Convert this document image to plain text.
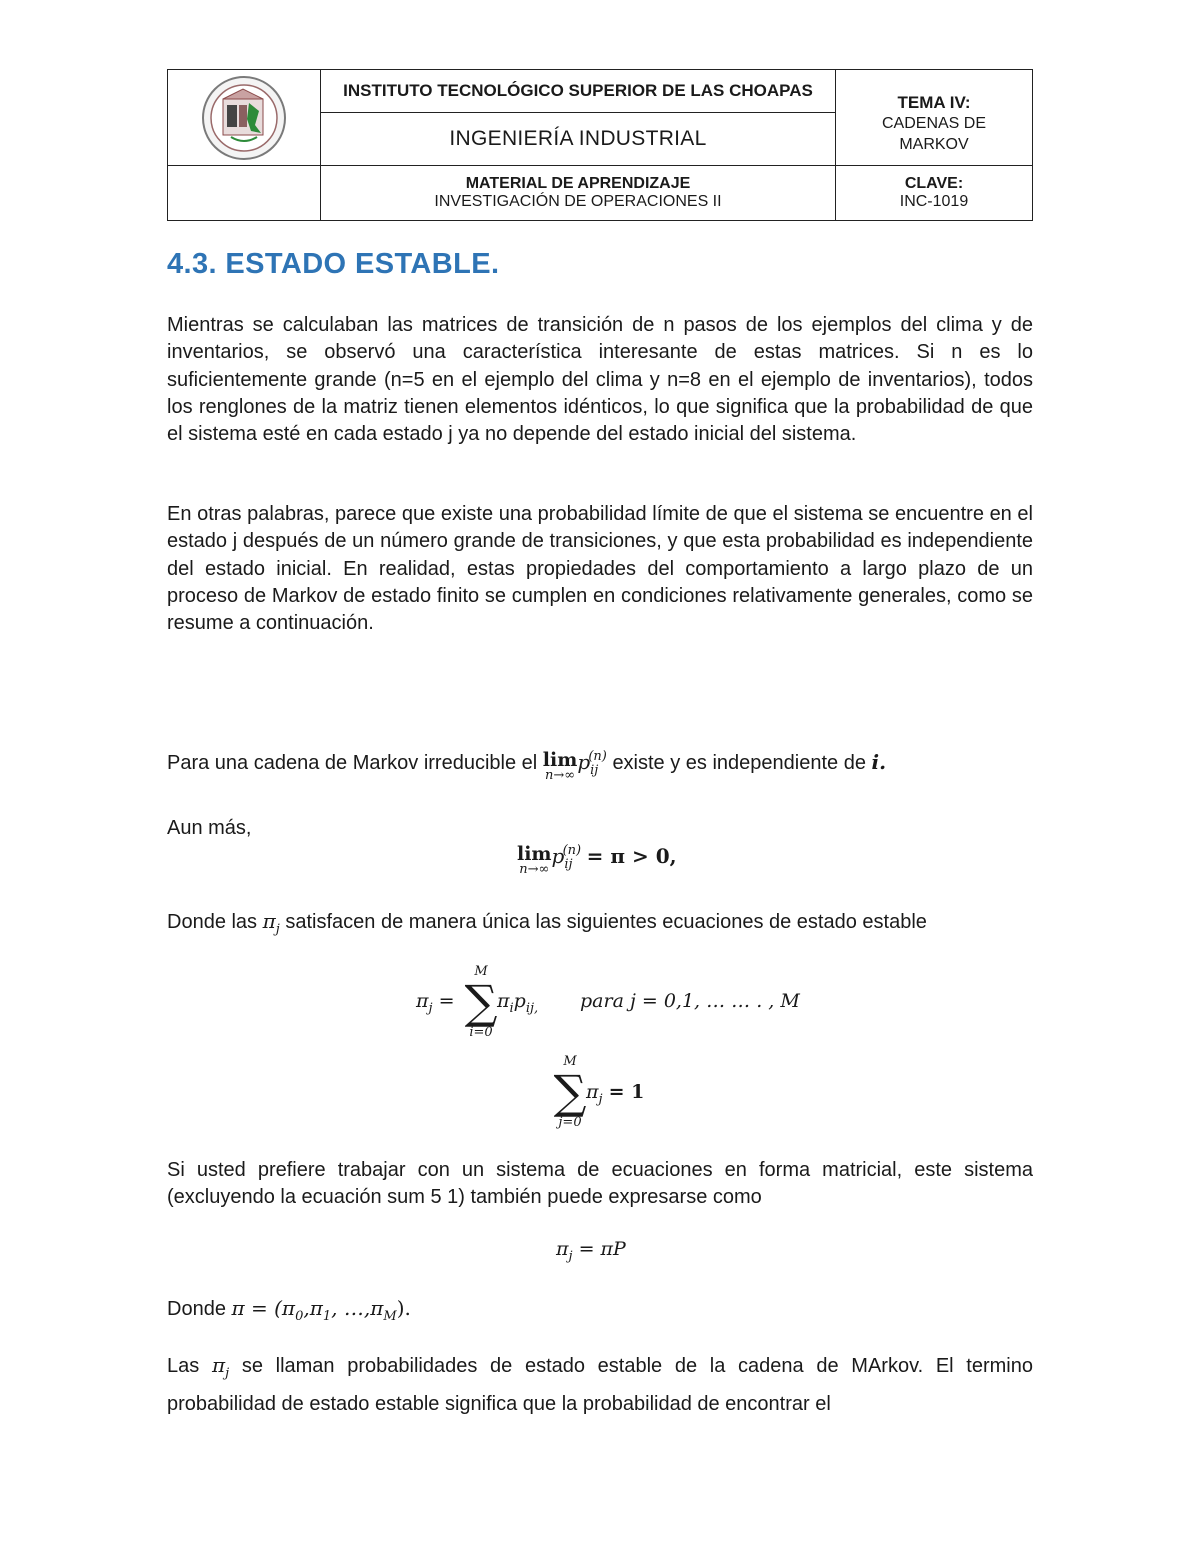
	INSTITUTO TECNOLÓGICO SUPERIOR DE LAS CHOAPAS	TEMA IV:
CADENAS DE MARKOV

	INGENIERÍA INDUSTRIAL	

	MATERIAL DE APRENDIZAJE
INVESTIGACIÓN DE OPERACIONES II	CLAVE:
INC-1019
4.3. ESTADO ESTABLE.

Mientras se calculaban las matrices de transición de n pasos de los ejemplos del clima y de inventarios, se observó una característica interesante de estas matrices. Si n es lo suficientemente grande (n=5 en el ejemplo del clima y n=8 en el ejemplo de inventarios), todos los renglones de la matriz tienen elementos idénticos, lo que significa que la probabilidad de que el sistema esté en cada estado j ya no depende del estado inicial del sistema.

En otras palabras, parece que existe una probabilidad límite de que el sistema se encuentre en el estado j después de un número grande de transiciones, y que esta probabilidad es independiente del estado inicial. En realidad, estas propiedades del comportamiento a largo plazo de un proceso de Markov de estado finito se cumplen en condiciones relativamente generales, como se resume a continuación.

Para una cadena de Markov irreducible el lim
n→∞
$p_{ij}^{(n)}$ existe y es independiente de i.
Aun más,
lim
n→∞
$p_{ij}^{(n)} = \pi > 0$,

Donde las $\pi_j$ satisfacen de manera única las siguientes ecuaciones de estado estable

$\pi_j$ =
M
∑
i=0
$\pi_ip_{ij,}$ para j = 0,1, … … . , M
M
∑
j=0
$\pi_j = 1$

Si usted prefiere trabajar con un sistema de ecuaciones en forma matricial, este sistema (excluyendo la ecuación sum 5 1) también puede expresarse como

$\pi_j = \pi P$
Donde $\pi = (\pi_0,\pi_1$, $\dots,\pi_M$).

Las $\pi_j$ se llaman probabilidades de estado estable de la cadena de MArkov. El termino probabilidad de estado estable significa que la probabilidad de encontrar el
